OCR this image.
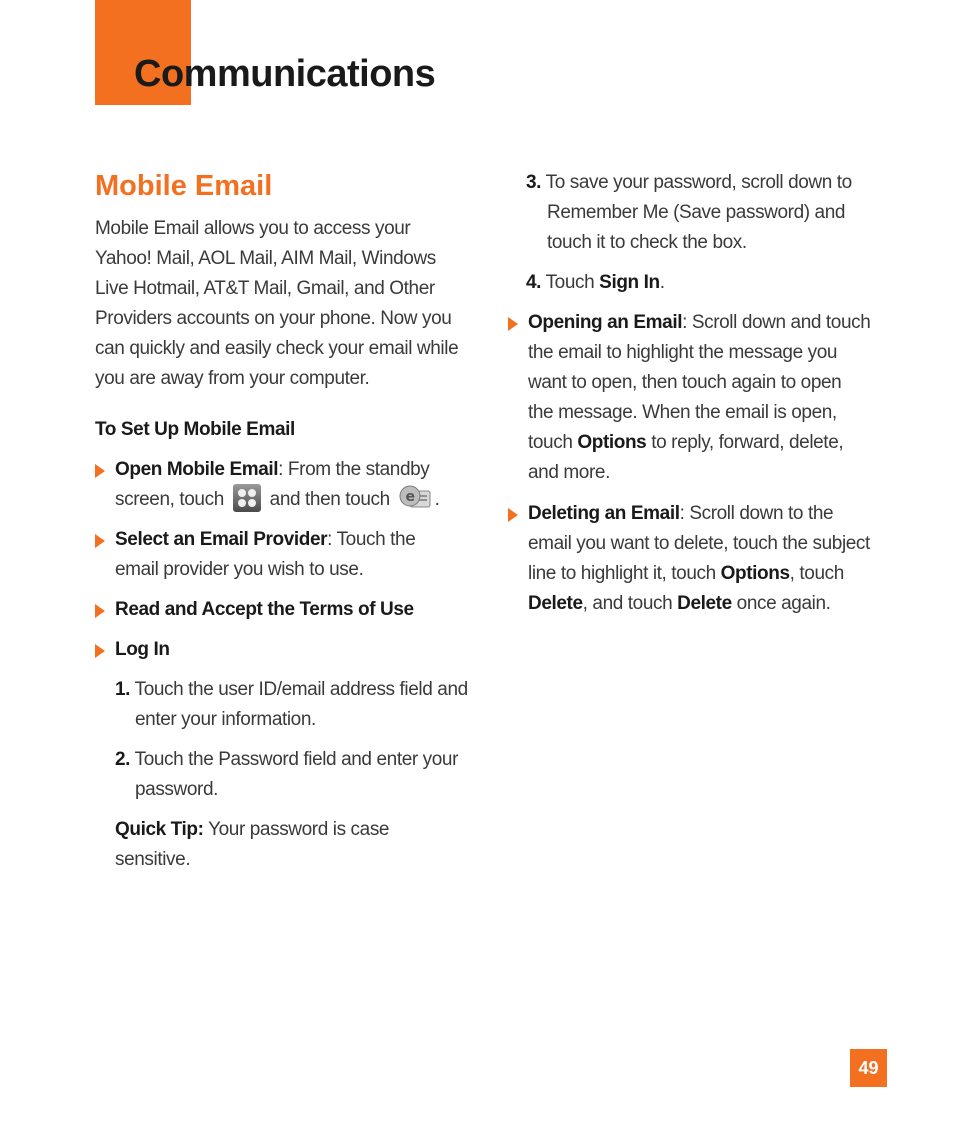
Communications
Mobile Email
Mobile Email allows you to access your
Yahoo! Mail, AOL Mail, AIM Mail, Windows
Live Hotmail, AT&T Mail, Gmail, and Other
Providers accounts on your phone. Now you
can quickly and easily check your email while
you are away from your computer.
To Set Up Mobile Email
Open Mobile Email: From the standby
screen, touch and then touch e .
Select an Email Provider: Touch the
email provider you wish to use.
Read and Accept the Terms of Use
Log In
1. Touch the user ID/email address field and
enter your information.
2. Touch the Password field and enter your
password.
Quick Tip: Your password is case
sensitive.
3. To save your password, scroll down to
Remember Me (Save password) and
touch it to check the box.
4. Touch Sign In.
Opening an Email: Scroll down and touch
the email to highlight the message you
want to open, then touch again to open
the message. When the email is open,
touch Options to reply, forward, delete,
and more.
Deleting an Email: Scroll down to the
email you want to delete, touch the subject
line to highlight it, touch Options, touch
Delete, and touch Delete once again.
49
